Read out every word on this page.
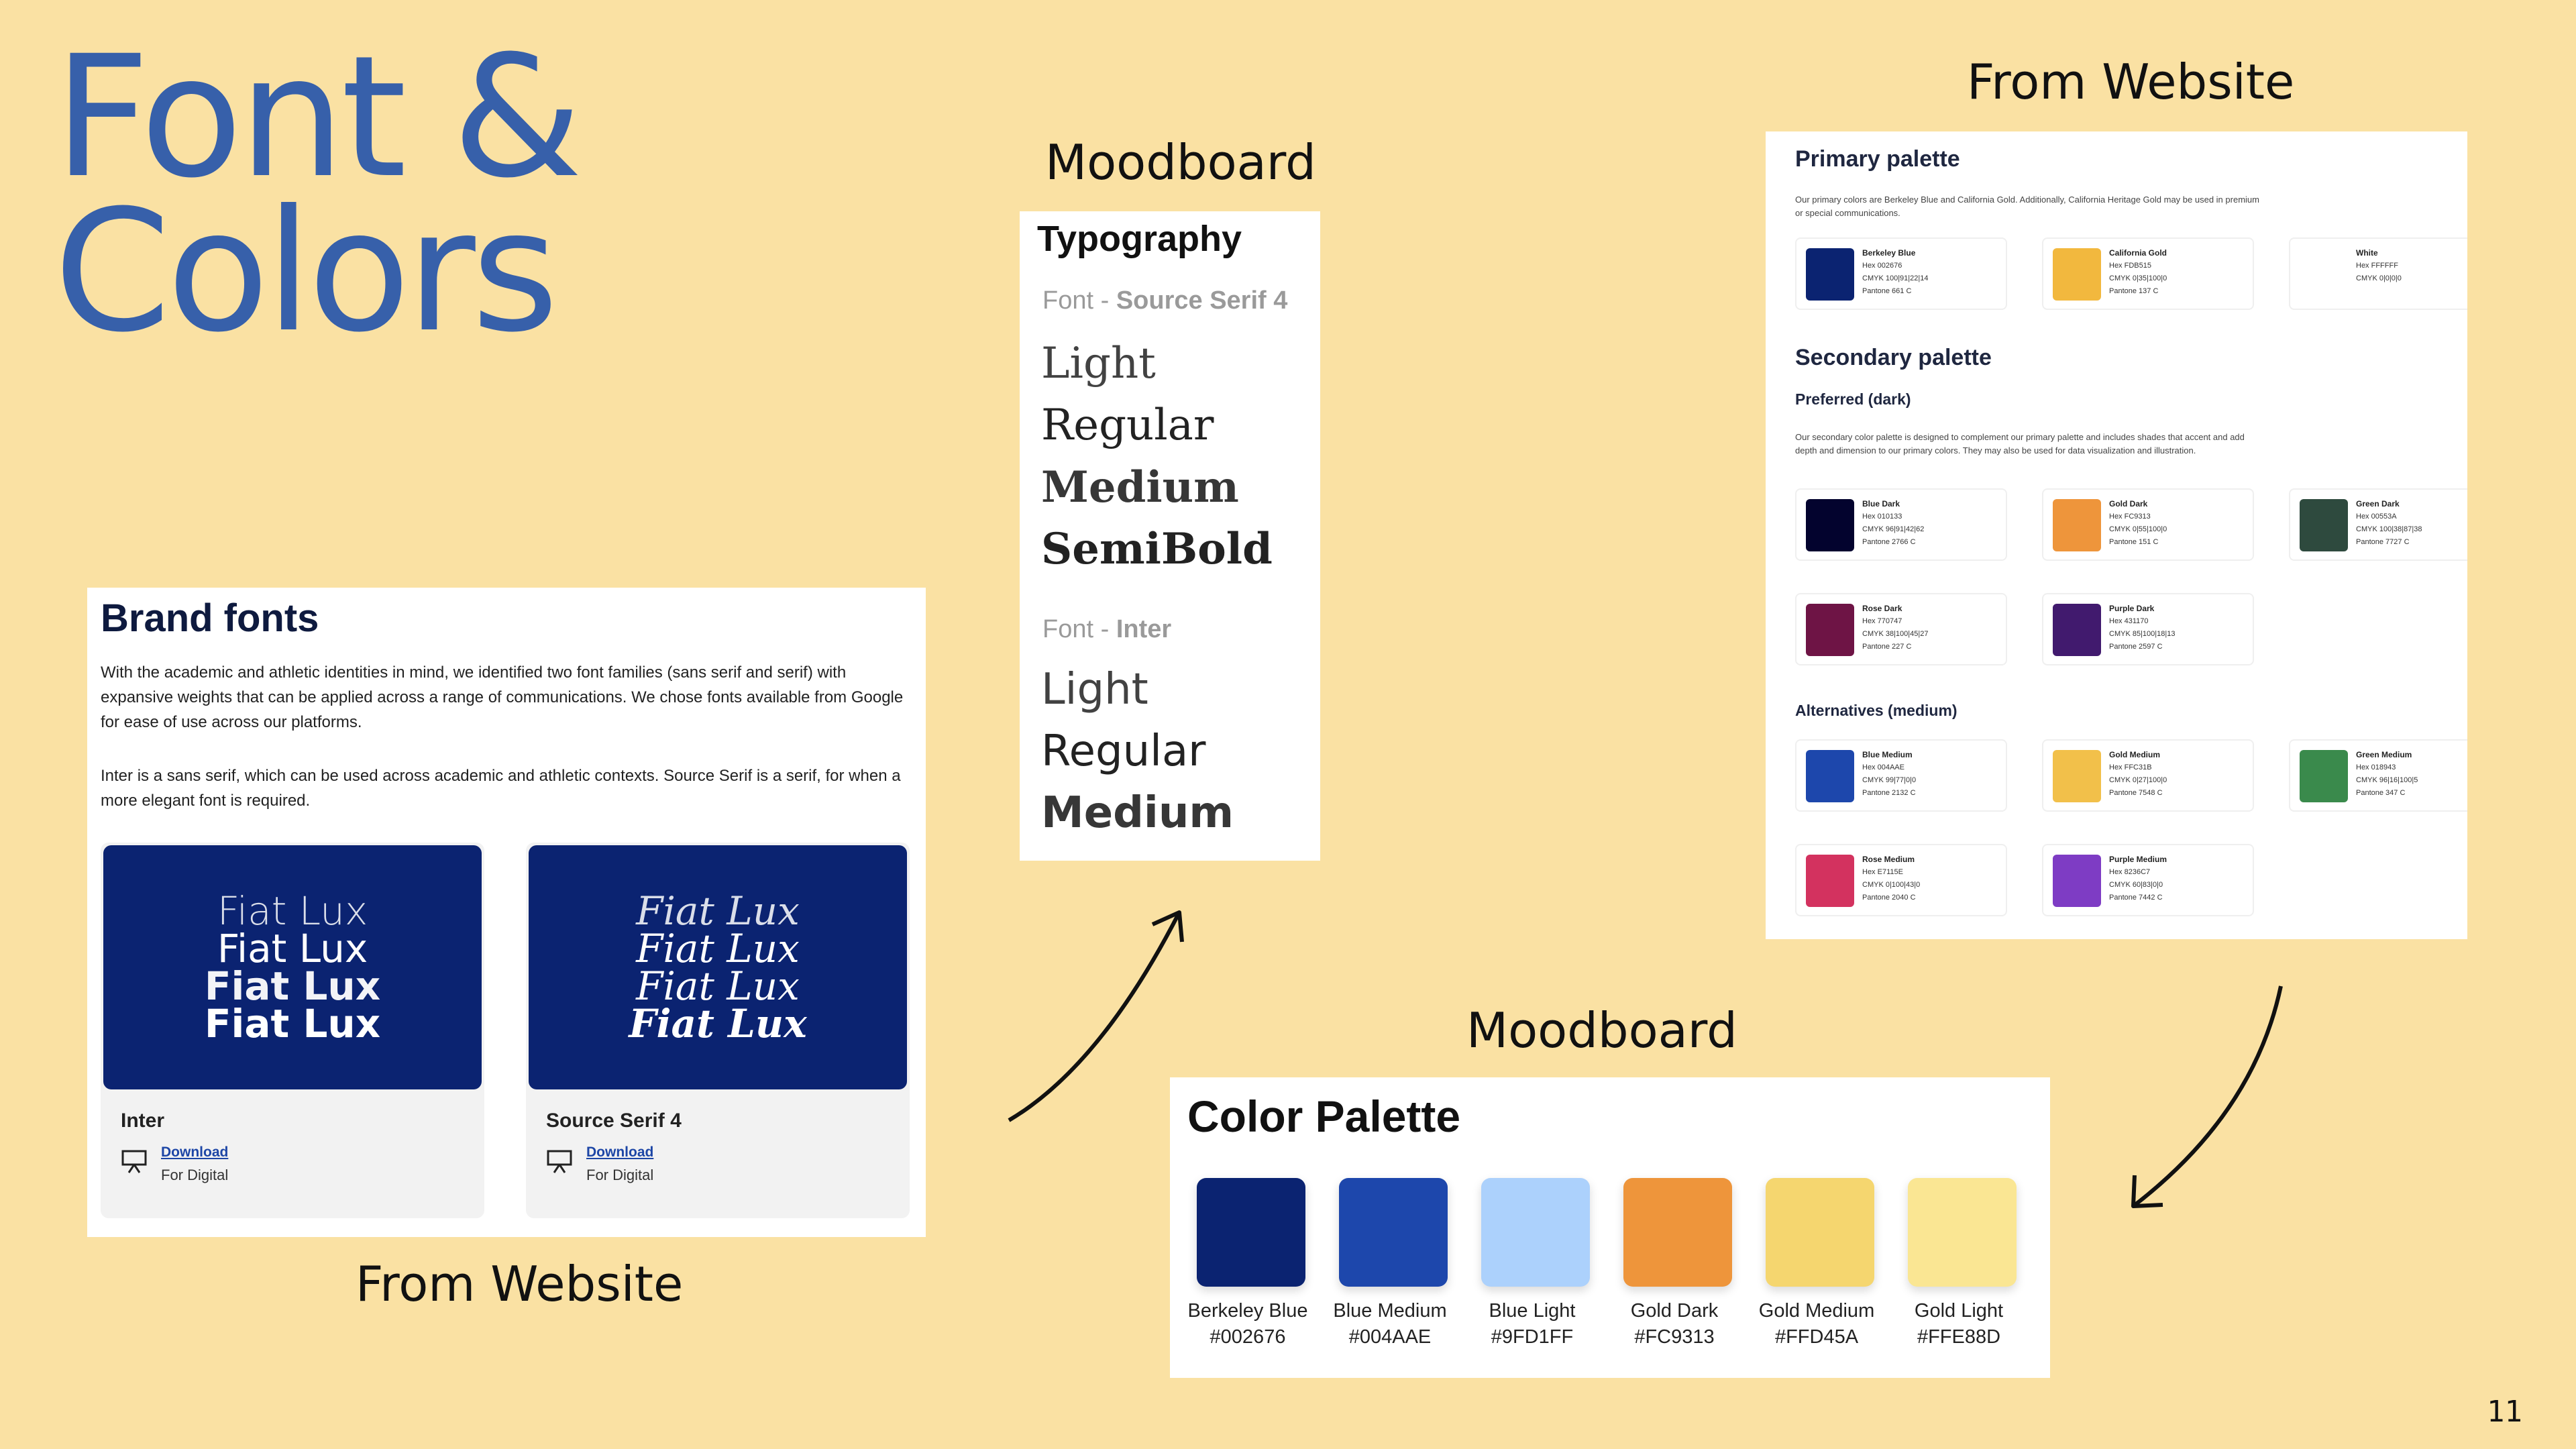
Font &
Colors
Moodboard
From Website
Moodboard
From Website
Brand fonts
With the academic and athletic identities in mind, we identified two font families (sans serif and serif) with expansive weights that can be applied across a range of communications. We chose fonts available from Google for ease of use across our platforms.
Inter is a sans serif, which can be used across academic and athletic contexts. Source Serif is a serif, for when a more elegant font is required.
Fiat Lux
Fiat Lux
Fiat Lux
Fiat Lux
Inter
Download
For Digital
Fiat Lux
Fiat Lux
Fiat Lux
Fiat Lux
Source Serif 4
Download
For Digital
Typography
Font - Source Serif 4
Light
Regular
Medium
SemiBold
Font - Inter
Light
Regular
Medium
Primary palette
Our primary colors are Berkeley Blue and California Gold. Additionally, California Heritage Gold may be used in premium or special communications.
Secondary palette
Preferred (dark)
Our secondary color palette is designed to complement our primary palette and includes shades that accent and add depth and dimension to our primary colors. They may also be used for data visualization and illustration.
Alternatives (medium)
Berkeley Blue
Hex 002676
CMYK 100|91|22|14
Pantone 661 C
California Gold
Hex FDB515
CMYK 0|35|100|0
Pantone 137 C
White
Hex FFFFFF
CMYK 0|0|0|0
Blue Dark
Hex 010133
CMYK 96|91|42|62
Pantone 2766 C
Gold Dark
Hex FC9313
CMYK 0|55|100|0
Pantone 151 C
Green Dark
Hex 00553A
CMYK 100|38|87|38
Pantone 7727 C
Rose Dark
Hex 770747
CMYK 38|100|45|27
Pantone 227 C
Purple Dark
Hex 431170
CMYK 85|100|18|13
Pantone 2597 C
Blue Medium
Hex 004AAE
CMYK 99|77|0|0
Pantone 2132 C
Gold Medium
Hex FFC31B
CMYK 0|27|100|0
Pantone 7548 C
Green Medium
Hex 018943
CMYK 96|16|100|5
Pantone 347 C
Rose Medium
Hex E7115E
CMYK 0|100|43|0
Pantone 2040 C
Purple Medium
Hex 8236C7
CMYK 60|83|0|0
Pantone 7442 C
Color Palette
Berkeley Blue
#002676
Blue Medium
#004AAE
Blue Light
#9FD1FF
Gold Dark
#FC9313
Gold Medium
#FFD45A
Gold Light
#FFE88D
11
